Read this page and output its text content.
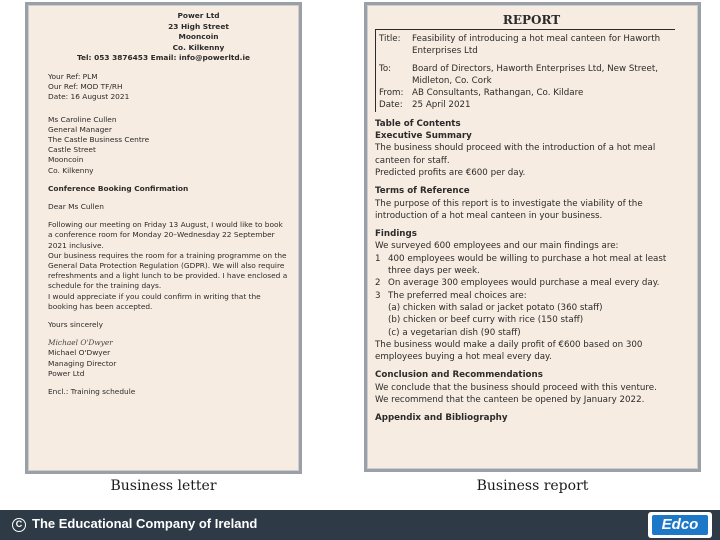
Power Ltd
23 High Street
Mooncoin
Co. Kilkenny
Tel: 053 3876453 Email: info@powerltd.ie
Your Ref: PLM
Our Ref: MOD TF/RH
Date: 16 August 2021
Ms Caroline Cullen
General Manager
The Castle Business Centre
Castle Street
Mooncoin
Co. Kilkenny
Conference Booking Confirmation
Dear Ms Cullen
Following our meeting on Friday 13 August, I would like to book a conference room for Monday 20–Wednesday 22 September 2021 inclusive.
Our business requires the room for a training programme on the General Data Protection Regulation (GDPR). We will also require refreshments and a light lunch to be provided. I have enclosed a schedule for the training days.
I would appreciate if you could confirm in writing that the booking has been accepted.
Yours sincerely
Michael O'Dwyer
Michael O'Dwyer
Managing Director
Power Ltd
Encl.: Training schedule
REPORT
Title:	Feasibility of introducing a hot meal canteen for Haworth Enterprises Ltd
To:	Board of Directors, Haworth Enterprises Ltd, New Street, Midleton, Co. Cork
From: AB Consultants, Rathangan, Co. Kildare
Date:	25 April 2021
Table of Contents
Executive Summary
The business should proceed with the introduction of a hot meal canteen for staff.
Predicted profits are €600 per day.
Terms of Reference
The purpose of this report is to investigate the viability of the introduction of a hot meal canteen in your business.
Findings
We surveyed 600 employees and our main findings are:
1 400 employees would be willing to purchase a hot meal at least three days per week.
2 On average 300 employees would purchase a meal every day.
3 The preferred meal choices are:
(a) chicken with salad or jacket potato (360 staff)
(b) chicken or beef curry with rice (150 staff)
(c) a vegetarian dish (90 staff)
The business would make a daily profit of €600 based on 300 employees buying a hot meal every day.
Conclusion and Recommendations
We conclude that the business should proceed with this venture.
We recommend that the canteen be opened by January 2022.
Appendix and Bibliography
Business letter	Business report
C The Educational Company of Ireland	Edco
